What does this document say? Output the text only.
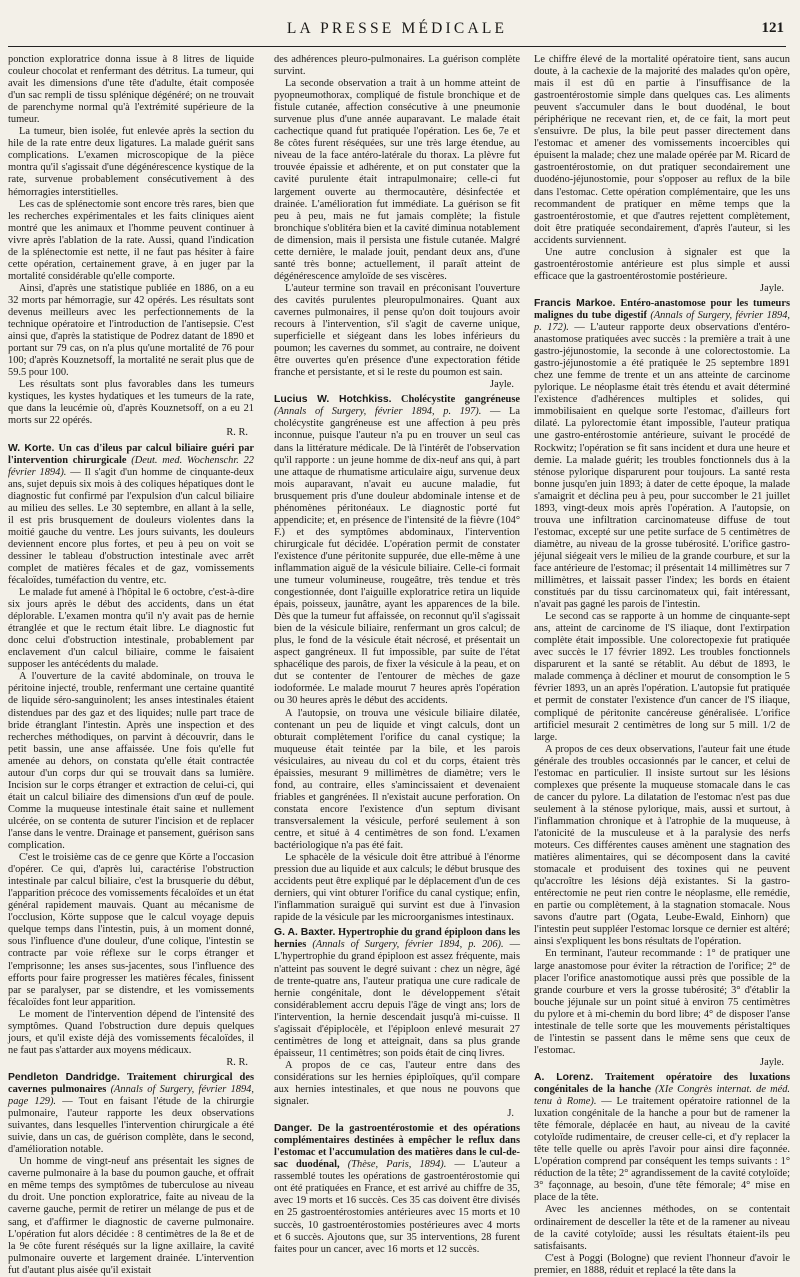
LA PRESSE MÉDICALE	121

ponction exploratrice donna issue à 8 litres de liquide couleur chocolat et renfermant des détritus. La tumeur, qui avait les dimensions d'une tête d'adulte, était composée d'un sac rempli de tissu splénique dégénéré; on ne trouvait de parenchyme normal qu'à l'extrémité supérieure de la tumeur.

La tumeur, bien isolée, fut enlevée après la section du hile de la rate entre deux ligatures. La malade guérit sans complications. L'examen microscopique de la pièce montra qu'il s'agissait d'une dégénérescence kystique de la rate, survenue probablement consécutivement à des hémorragies interstitielles.

Les cas de splénectomie sont encore très rares, bien que les recherches expérimentales et les faits cliniques aient montré que les animaux et l'homme peuvent continuer à vivre après l'ablation de la rate. Aussi, quand l'indication de la splénectomie est nette, il ne faut pas hésiter à faire cette opération, certainement grave, à en juger par la mortalité considérable qu'elle comporte.

Ainsi, d'après une statistique publiée en 1886, on a eu 32 morts par hémorragie, sur 42 opérés. Les résultats sont devenus meilleurs avec les perfectionnements de la technique opératoire et l'introduction de l'antisepsie. C'est ainsi que, d'après la statistique de Podrez datant de 1890 et portant sur 79 cas, on n'a plus qu'une mortalité de 76 pour 100; d'après Kouznetsoff, la mortalité ne serait plus que de 59.5 pour 100.

Les résultats sont plus favorables dans les tumeurs kystiques, les kystes hydatiques et les tumeurs de la rate, que dans la leucémie où, d'après Kouznetsoff, on a eu 21 morts sur 22 opérés.

R. R.

W. Korte. Un cas d'ileus par calcul biliaire guéri par l'intervention chirurgicale (Deut. med. Wochenschr. 22 février 1894). — Il s'agit d'un homme de cinquante-deux ans, sujet depuis six mois à des coliques hépatiques dont le diagnostic fut confirmé par l'expulsion d'un calcul biliaire au milieu des selles. Le 30 septembre, en allant à la selle, il est pris brusquement de douleurs violentes dans la moitié gauche du ventre. Les jours suivants, les douleurs deviennent encore plus fortes, et peu à peu on voit se dessiner le tableau d'obstruction intestinale avec arrêt complet de matières fécales et de gaz, vomissements fécaloïdes, tuméfaction du ventre, etc.

Le malade fut amené à l'hôpital le 6 octobre, c'est-à-dire six jours après le début des accidents, dans un état déplorable. L'examen montra qu'il n'y avait pas de hernie étranglée et que le rectum était libre. Le diagnostic fut donc celui d'obstruction intestinale, probablement par enclavement d'un calcul biliaire, comme le faisaient supposer les antécédents du malade.

A l'ouverture de la cavité abdominale, on trouva le péritoine injecté, trouble, renfermant une certaine quantité de liquide séro-sanguinolent; les anses intestinales étaient distendues par des gaz et des liquides; nulle part trace de bride étranglant l'intestin. Après une inspection et des recherches méthodiques, on parvint à découvrir, dans le petit bassin, une anse affaissée. Une fois qu'elle fut amenée au dehors, on constata qu'elle était contractée autour d'un corps dur qui se trouvait dans sa lumière. Incision sur le corps étranger et extraction de celui-ci, qui était un calcul biliaire des dimensions d'un œuf de poule. Comme la muqueuse intestinale était saine et nullement ulcérée, on se contenta de suturer l'incision et de replacer l'anse dans le ventre. Drainage et pansement, guérison sans complication.

C'est le troisième cas de ce genre que Körte a l'occasion d'opérer. Ce qui, d'après lui, caractérise l'obstruction intestinale par calcul biliaire, c'est la brusquerie du début, l'apparition précoce des vomissements fécaloïdes et un état général rapidement mauvais. Quant au mécanisme de l'occlusion, Körte suppose que le calcul voyage depuis quelque temps dans l'intestin, puis, à un moment donné, sous l'influence d'une douleur, d'une colique, l'intestin se contracte par voie réflexe sur le corps étranger et l'emprisonne; les anses sus-jacentes, sous l'influence des efforts pour faire progresser les matières fécales, finissent par se paralyser, par se distendre, et les vomissements fécaloïdes font leur apparition.

Le moment de l'intervention dépend de l'intensité des symptômes. Quand l'obstruction dure depuis quelques jours, et qu'il existe déjà des vomissements fécaloïdes, il ne faut pas s'attarder aux moyens médicaux.

R. R.

Pendleton Dandridge. Traitement chirurgical des cavernes pulmonaires (Annals of Surgery, février 1894, page 129). — Tout en faisant l'étude de la chirurgie pulmonaire, l'auteur rapporte les deux observations suivantes, dans lesquelles l'intervention chirurgicale a été suivie, dans un cas, de guérison complète, dans le second, d'amélioration notable.

Un homme de vingt-neuf ans présentait les signes de caverne pulmonaire à la base du poumon gauche, et offrait en même temps des symptômes de tuberculose au niveau du droit. Une ponction exploratrice, faite au niveau de la caverne gauche, permit de retirer un mélange de pus et de sang, et d'affirmer le diagnostic de caverne pulmonaire. L'opération fut alors décidée : 8 centimètres de la 8e et de la 9e côte furent réséqués sur la ligne axillaire, la cavité pulmonaire ouverte et largement drainée. L'intervention fut d'autant plus aisée qu'il existait

des adhérences pleuro-pulmonaires. La guérison complète survint.

La seconde observation a trait à un homme atteint de pyopneumothorax, compliqué de fistule bronchique et de fistule cutanée, affection consécutive à une pneumonie survenue plus d'une année auparavant. Le malade était cachectique quand fut pratiquée l'opération. Les 6e, 7e et 8e côtes furent réséquées, sur une très large étendue, au niveau de la face antéro-latérale du thorax. La plèvre fut trouvée épaissie et adhérente, et on put constater que la cavité purulente était intrapulmonaire; celle-ci fut largement ouverte au thermocautère, désinfectée et drainée. L'amélioration fut immédiate. La guérison se fit peu à peu, mais ne fut jamais complète; la fistule bronchique s'oblitéra bien et la cavité diminua notablement de dimension, mais il persista une fistule cutanée. Malgré cette dernière, le malade jouit, pendant deux ans, d'une santé très bonne; actuellement, il paraît atteint de dégénérescence amyloïde de ses viscères.

L'auteur termine son travail en préconisant l'ouverture des cavités purulentes pleuropulmonaires. Quant aux cavernes pulmonaires, il pense qu'on doit toujours avoir recours à l'intervention, s'il s'agit de caverne unique, superficielle et siégeant dans les lobes inférieurs du poumon; les cavernes du sommet, au contraire, ne doivent être ouvertes qu'en présence d'une expectoration fétide franche et persistante, et si le reste du poumon est sain.

Jayle.

Lucius W. Hotchkiss. Cholécystite gangréneuse (Annals of Surgery, février 1894, p. 197). — La cholécystite gangréneuse est une affection à peu près inconnue, puisque l'auteur n'a pu en trouver un seul cas dans la littérature médicale. De là l'intérêt de l'observation qu'il rapporte : un jeune homme de dix-neuf ans qui, à part une attaque de rhumatisme articulaire aigu, survenue deux mois auparavant, n'avait eu aucune maladie, fut brusquement pris d'une douleur abdominale intense et de phénomènes péritonéaux. Le diagnostic porté fut appendicite; et, en présence de l'intensité de la fièvre (104° F.) et des symptômes abdominaux, l'intervention chirurgicale fut décidée. L'opération permit de constater l'existence d'une péritonite suppurée, due elle-même à une inflammation aiguë de la vésicule biliaire. Celle-ci formait une tumeur volumineuse, rougeâtre, très tendue et très congestionnée, dont l'aiguille exploratrice retira un liquide épais, poisseux, jaunâtre, ayant les apparences de la bile. Dès que la tumeur fut affaissée, on reconnut qu'il s'agissait bien de la vésicule biliaire, renfermant un gros calcul; de plus, le fond de la vésicule était nécrosé, et présentait un aspect gangréneux. Il fut impossible, par suite de l'état sphacélique des parois, de fixer la vésicule à la peau, et on dut se contenter de l'entourer de mèches de gaze iodoformée. Le malade mourut 7 heures après l'opération ou 30 heures après le début des accidents.

A l'autopsie, on trouva une vésicule biliaire dilatée, contenant un peu de liquide et vingt calculs, dont un obturait complètement l'orifice du canal cystique; la muqueuse était teintée par la bile, et les parois vésiculaires, au niveau du col et du corps, étaient très épaissies, mesurant 9 millimètres de diamètre; vers le fond, au contraire, elles s'amincissaient et devenaient friables et gangrénées. Il n'existait aucune perforation. On constata encore l'existence d'un septum divisant transversalement la vésicule, perforé seulement à son centre, et situé à 4 centimètres de son fond. L'examen bactériologique n'a pas été fait.

Le sphacèle de la vésicule doit être attribué à l'énorme pression due au liquide et aux calculs; le début brusque des accidents peut être expliqué par le déplacement d'un de ces derniers, qui vint obturer l'orifice du canal cystique; enfin, l'inflammation suraiguë qui survint est due à l'invasion rapide de la vésicule par les microorganismes intestinaux.

G. A. Baxter. Hypertrophie du grand épiploon dans les hernies (Annals of Surgery, février 1894, p. 206). — L'hypertrophie du grand épiploon est assez fréquente, mais n'atteint pas souvent le degré suivant : chez un nègre, âgé de trente-quatre ans, l'auteur pratiqua une cure radicale de hernie congénitale, dont le développement s'était considérablement accru depuis l'âge de vingt ans; lors de l'intervention, la hernie descendait jusqu'à mi-cuisse. Il s'agissait d'épiplocèle, et l'épiploon enlevé mesurait 27 centimètres de long et atteignait, dans sa plus grande épaisseur, 11 centimètres; son poids était de cinq livres.

A propos de ce cas, l'auteur entre dans des considérations sur les hernies épiploïques, qu'il compare aux hernies intestinales, et que nous ne pouvons que signaler.

J.

Danger. De la gastroentérostomie et des opérations complémentaires destinées à empêcher le reflux dans l'estomac et l'accumulation des matières dans le cul-de-sac duodénal, (Thèse, Paris, 1894). — L'auteur a rassemblé toutes les opérations de gastroentérostomie qui ont été pratiquées en France, et est arrivé au chiffre de 35, avec 19 morts et 16 succès. Ces 35 cas doivent être divisés en 25 gastroentérostomies antérieures avec 15 morts et 10 succès, 10 gastroentérostomies postérieures avec 4 morts et 6 succès. Ajoutons que, sur 35 interventions, 28 furent faites pour un cancer, avec 16 morts et 12 succès.

Le chiffre élevé de la mortalité opératoire tient, sans aucun doute, à la cachexie de la majorité des malades qu'on opère, mais il est dû en partie à l'insuffisance de la gastroentérostomie simple dans quelques cas. Les aliments peuvent s'accumuler dans le bout duodénal, le bout périphérique ne recevant rien, et, de ce fait, la mort peut s'ensuivre. De plus, la bile peut passer directement dans l'estomac et amener des vomissements incoercibles qui épuisent la malade; chez une malade opérée par M. Ricard de gastroentérostomie, on dut pratiquer secondairement une duodéno-jéjunostomie, pour s'opposer au reflux de la bile dans l'estomac. Cette opération complémentaire, que les uns recommandent de pratiquer en même temps que la gastroentérostomie, et que d'autres rejettent complètement, doit être pratiquée secondairement, d'après l'auteur, si les accidents surviennent.

Une autre conclusion à signaler est que la gastroentérostomie antérieure est plus simple et aussi efficace que la gastroentérostomie postérieure.

Jayle.

Francis Markoe. Entéro-anastomose pour les tumeurs malignes du tube digestif (Annals of Surgery, février 1894, p. 172). — L'auteur rapporte deux observations d'entéro-anastomose pratiquées avec succès : la première a trait à une gastro-jéjunostomie, la seconde à une colorectostomie. La gastro-jéjunostomie a été pratiquée le 25 septembre 1891 chez une femme de trente et un ans atteinte de carcinome pylorique. Le néoplasme était très étendu et avait déterminé l'existence d'adhérences multiples et solides, qui immobilisaient en quelque sorte l'estomac, d'ailleurs fort dilaté. La pylorectomie étant impossible, l'auteur pratiqua une gastro-entérostomie antérieure, suivant le procédé de Rockwitz; l'opération se fit sans incident et dura une heure et demie. La malade guérit; les troubles fonctionnels dus à la sténose pylorique disparurent pour toujours. La santé resta bonne jusqu'en juin 1893; à dater de cette époque, la malade s'amaigrit et déclina peu à peu, pour succomber le 21 juillet 1893, vingt-deux mois après l'opération. A l'autopsie, on trouva une infiltration carcinomateuse diffuse de tout l'estomac, excepté sur une petite surface de 5 centimètres de diamètre, au niveau de la grosse tubérosité. L'orifice gastro-jéjunal siégeait vers le milieu de la grande courbure, et sur la face antérieure de l'estomac; il présentait 14 millimètres sur 7 millimètres, et laissait passer l'index; les bords en étaient constitués par du tissu carcinomateux qui, fait intéressant, n'avait pas gagné les parois de l'intestin.

Le second cas se rapporte à un homme de cinquante-sept ans, atteint de carcinome de l'S iliaque, dont l'extirpation complète était impossible. Une colorectopexie fut pratiquée avec succès le 17 février 1892. Les troubles fonctionnels disparurent et la santé se rétablit. Au début de 1893, le malade commença à décliner et mourut de consomption le 5 février 1893, un an après l'opération. L'autopsie fut pratiquée et permit de constater l'existence d'un cancer de l'S iliaque, compliqué de péritonite cancéreuse généralisée. L'orifice artificiel mesurait 2 centimètres de long sur 5 mill. 1/2 de large.

A propos de ces deux observations, l'auteur fait une étude générale des troubles occasionnés par le cancer, et celui de l'estomac en particulier. Il insiste surtout sur les lésions complexes que présente la muqueuse stomacale dans le cas de cancer du pylore. La dilatation de l'estomac n'est pas due seulement à la sténose pylorique, mais, aussi et surtout, à l'inflammation chronique et à l'atrophie de la muqueuse, à l'atonicité de la musculeuse et à la paralysie des nerfs moteurs. Ces différentes causes amènent une stagnation des matières alimentaires, qui se décomposent dans la cavité stomacale et produisent des toxines qui ne peuvent qu'accroître les lésions déjà existantes. Si la gastro-entérectomie ne peut rien contre le néoplasme, elle remédie, en partie ou complètement, à la stagnation stomacale. Nous savons d'autre part (Ogata, Leube-Ewald, Einhorn) que l'intestin peut suppléer l'estomac lorsque ce dernier est altéré; ainsi s'expliquent les bons résultats de l'opération.

En terminant, l'auteur recommande : 1° de pratiquer une large anastomose pour éviter la rétraction de l'orifice; 2° de placer l'orifice anastomotique aussi près que possible de la grande courbure et vers la grosse tubérosité; 3° d'établir la bouche jéjunale sur un point situé à environ 75 centimètres du pylore et à mi-chemin du bord libre; 4° de disposer l'anse intestinale de telle sorte que les mouvements péristaltiques de l'intestin se passent dans le même sens que ceux de l'estomac.

Jayle.

A. Lorenz. Traitement opératoire des luxations congénitales de la hanche (XIe Congrès internat. de méd. tenu à Rome). — Le traitement opératoire rationnel de la luxation congénitale de la hanche a pour but de ramener la tête fémorale, déplacée en haut, au niveau de la cavité cotyloïde rudimentaire, de creuser celle-ci, et d'y replacer la tête telle quelle ou après l'avoir pour ainsi dire façonnée. L'opération comprend par conséquent les temps suivants : 1° réduction de la tête; 2° agrandissement de la cavité cotyloïde; 3° façonnage, au besoin, d'une tête fémorale; 4° mise en place de la tête.

Avec les anciennes méthodes, on se contentait ordinairement de desceller la tête et de la ramener au niveau de la cavité cotyloïde; aussi les résultats étaient-ils peu satisfaisants.

C'est à Poggi (Bologne) que revient l'honneur d'avoir le premier, en 1888, réduit et replacé la tête dans la
